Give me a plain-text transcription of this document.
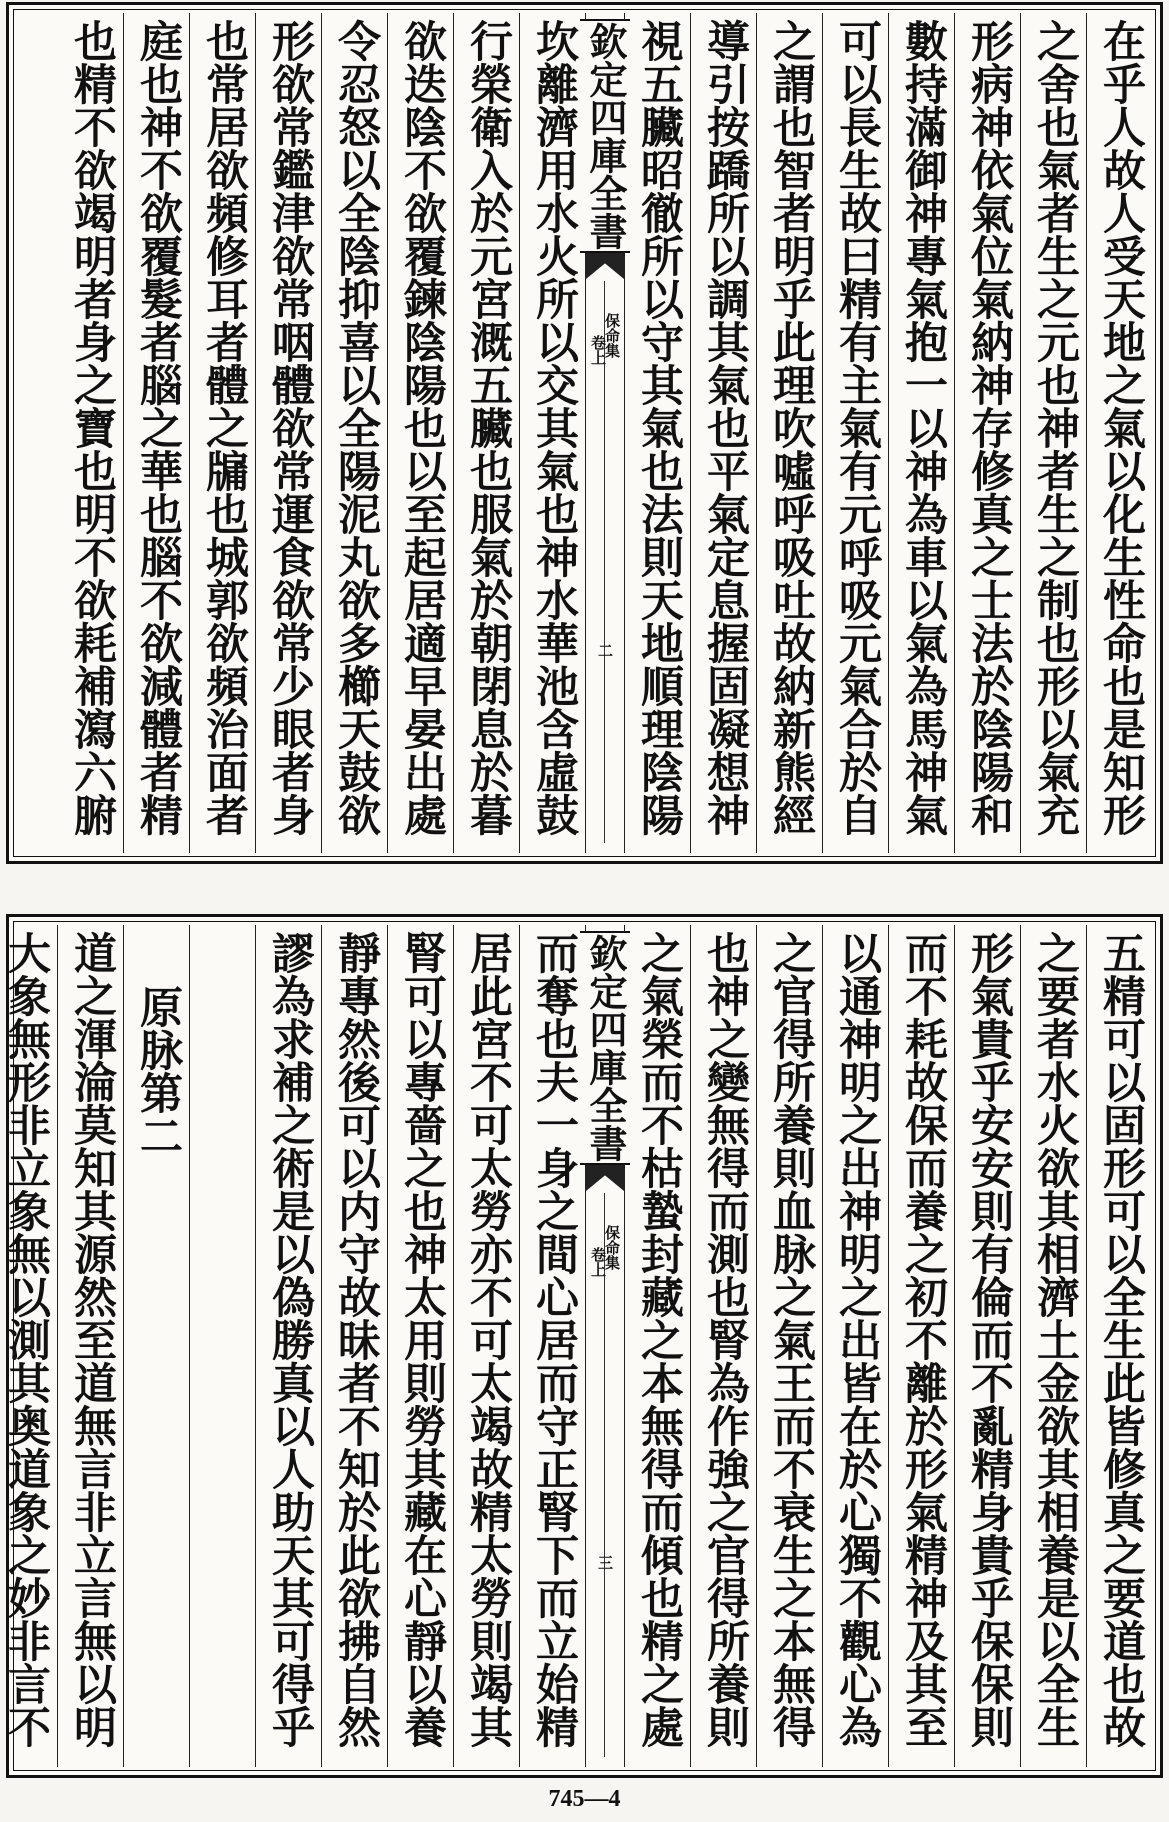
在乎人故人受天地之氣以化生性命也是知形
之舍也氣者生之元也神者生之制也形以氣充
形病神依氣位氣納神存修真之士法於陰陽和
數持滿御神專氣抱一以神為車以氣為馬神氣
可以長生故曰精有主氣有元呼吸元氣合於自
之謂也智者明乎此理吹噓呼吸吐故納新熊經
導引按蹻所以調其氣也平氣定息握固凝想神
視五臟昭徹所以守其氣也法則天地順理陰陽
欽定四庫全書
保命集
卷上
二
坎離濟用水火所以交其氣也神水華池含虛鼓
行榮衛入於元宮溉五臟也服氣於朝閉息於暮
欲迭陰不欲覆鍊陰陽也以至起居適早晏出處
令忍怒以全陰抑喜以全陽泥丸欲多櫛天鼓欲
形欲常鑑津欲常咽體欲常運食欲常少眼者身
也常居欲頻修耳者體之牖也城郭欲頻治面者
庭也神不欲覆髮者腦之華也腦不欲減體者精
也精不欲竭明者身之寶也明不欲耗補瀉六腑
五精可以固形可以全生此皆修真之要道也故
之要者水火欲其相濟土金欲其相養是以全生
形氣貴乎安安則有倫而不亂精身貴乎保保則
而不耗故保而養之初不離於形氣精神及其至
以通神明之出神明之出皆在於心獨不觀心為
之官得所養則血脉之氣王而不衰生之本無得
也神之變無得而測也腎為作強之官得所養則
之氣榮而不枯蟄封藏之本無得而傾也精之處
欽定四庫全書
保命集
卷上
三
而奪也夫一身之間心居而守正腎下而立始精
居此宮不可太勞亦不可太竭故精太勞則竭其
腎可以專嗇之也神太用則勞其藏在心靜以養
靜專然後可以内守故昧者不知於此欲拂自然
謬為求補之術是以偽勝真以人助天其可得乎
原脉第二
道之渾淪莫知其源然至道無言非立言無以明
大象無形非立象無以測其奥道象之妙非言不
745—4
